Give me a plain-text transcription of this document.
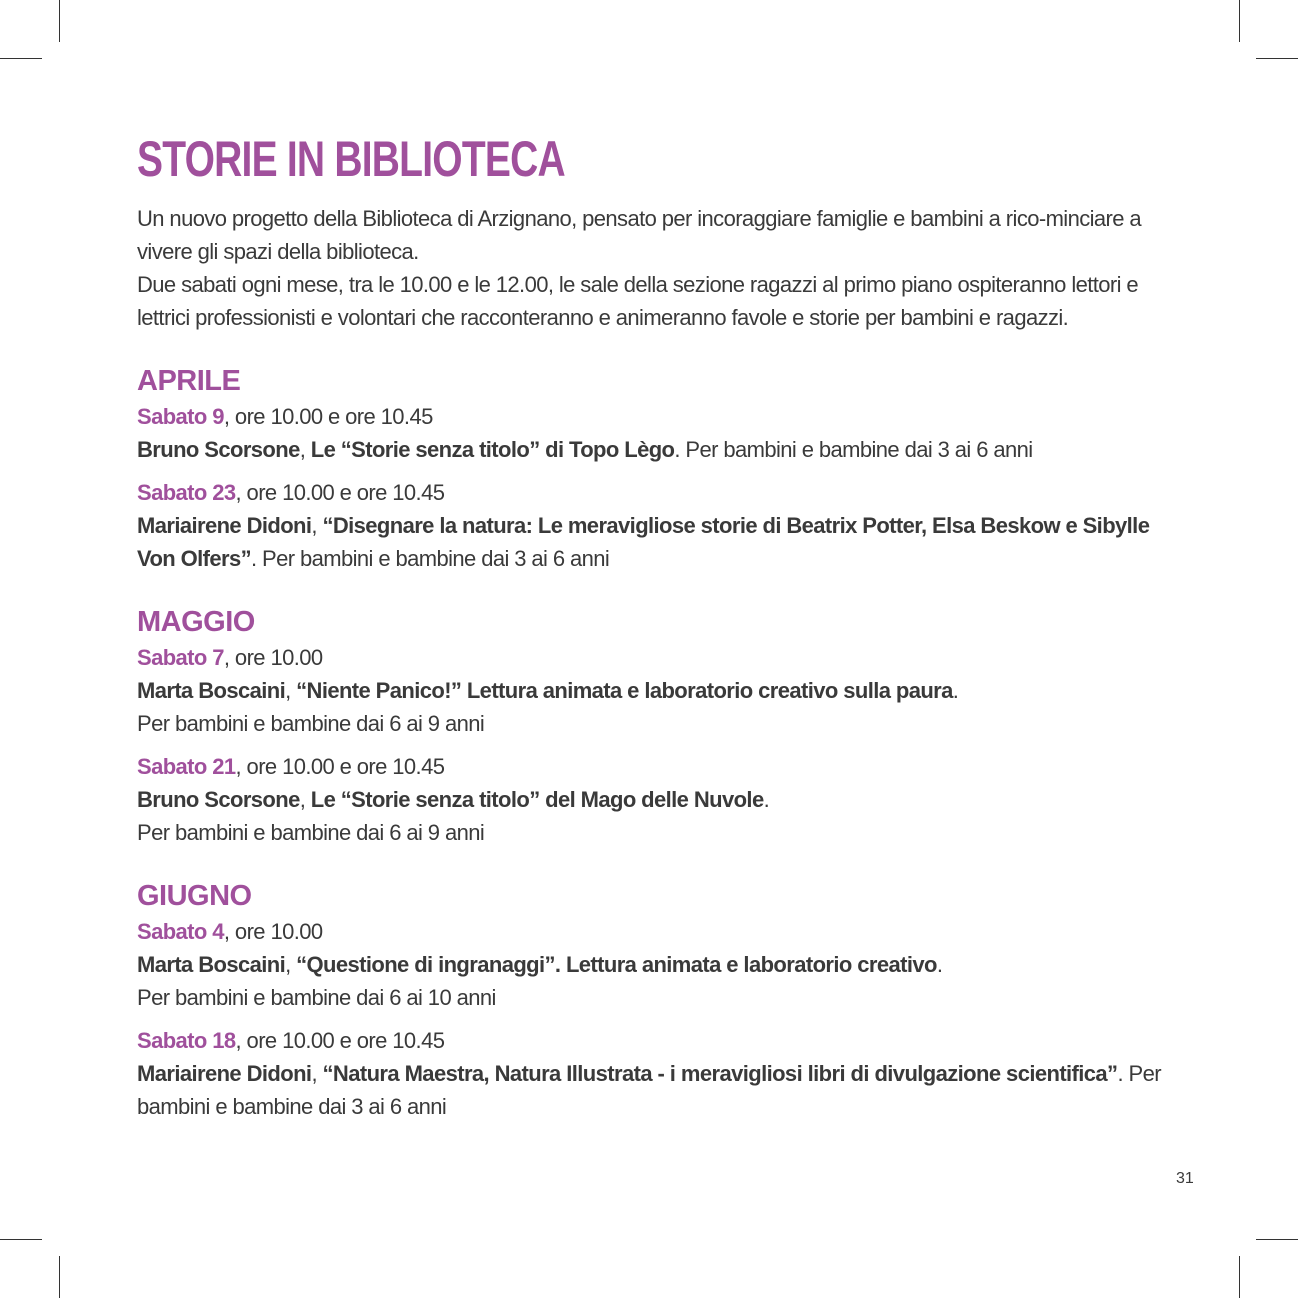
STORIE IN BIBLIOTECA

Un nuovo progetto della Biblioteca di Arzignano, pensato per incoraggiare famiglie e bambini a rico-minciare a vivere gli spazi della biblioteca.

Due sabati ogni mese, tra le 10.00 e le 12.00, le sale della sezione ragazzi al primo piano ospiteranno lettori e lettrici professionisti e volontari che racconteranno e animeranno favole e storie per bambini e ragazzi.

APRILE
Sabato 9, ore 10.00 e ore 10.45
Bruno Scorsone, Le “Storie senza titolo” di Topo Lègo. Per bambini e bambine dai 3 ai 6 anni
Sabato 23, ore 10.00 e ore 10.45
Mariairene Didoni, “Disegnare la natura: Le meravigliose storie di Beatrix Potter, Elsa Beskow e Sibylle Von Olfers”. Per bambini e bambine dai 3 ai 6 anni
MAGGIO
Sabato 7, ore 10.00
Marta Boscaini, “Niente Panico!” Lettura animata e laboratorio creativo sulla paura.
Per bambini e bambine dai 6 ai 9 anni
Sabato 21, ore 10.00 e ore 10.45
Bruno Scorsone, Le “Storie senza titolo” del Mago delle Nuvole.
Per bambini e bambine dai 6 ai 9 anni
GIUGNO
Sabato 4, ore 10.00
Marta Boscaini, “Questione di ingranaggi”. Lettura animata e laboratorio creativo.
Per bambini e bambine dai 6 ai 10 anni
Sabato 18, ore 10.00 e ore 10.45
Mariairene Didoni, “Natura Maestra, Natura Illustrata - i meravigliosi libri di divulgazione scientifica”. Per bambini e bambine dai 3 ai 6 anni
31
